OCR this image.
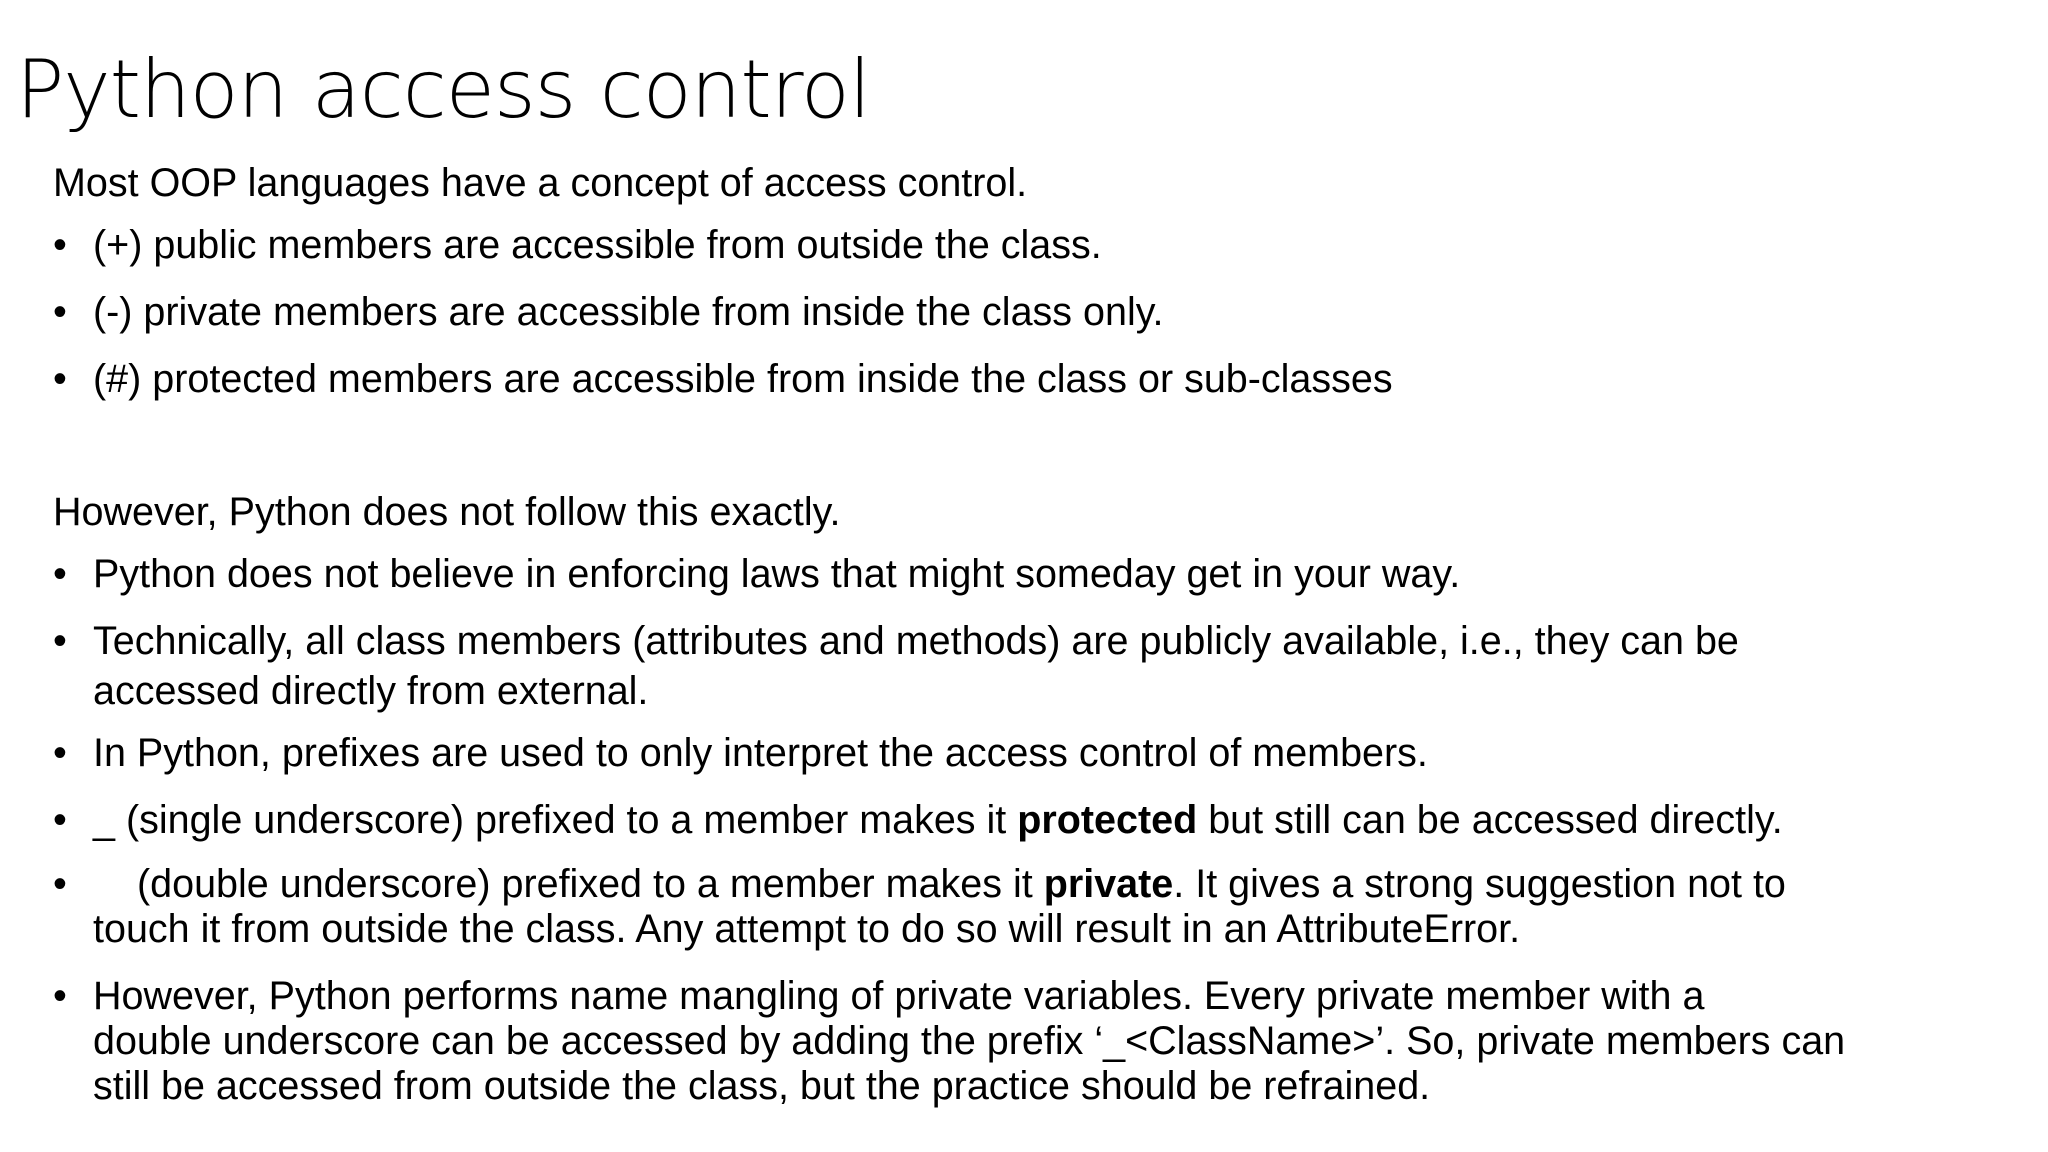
Python access control

Most OOP languages have a concept of access control.

• (+) public members are accessible from outside the class.
• (-) private members are accessible from inside the class only.
• (#) protected members are accessible from inside the class or sub-classes

However, Python does not follow this exactly.

• Python does not believe in enforcing laws that might someday get in your way.
• Technically, all class members (attributes and methods) are publicly available, i.e., they can be
accessed directly from external.
• In Python, prefixes are used to only interpret the access control of members.
• _ (single underscore) prefixed to a member makes it protected but still can be accessed directly.
•	(double underscore) prefixed to a member makes it private. It gives a strong suggestion not to
touch it from outside the class. Any attempt to do so will result in an AttributeError.
• However, Python performs name mangling of private variables. Every private member with a
double underscore can be accessed by adding the prefix ‘_<ClassName>’. So, private members can
still be accessed from outside the class, but the practice should be refrained.
